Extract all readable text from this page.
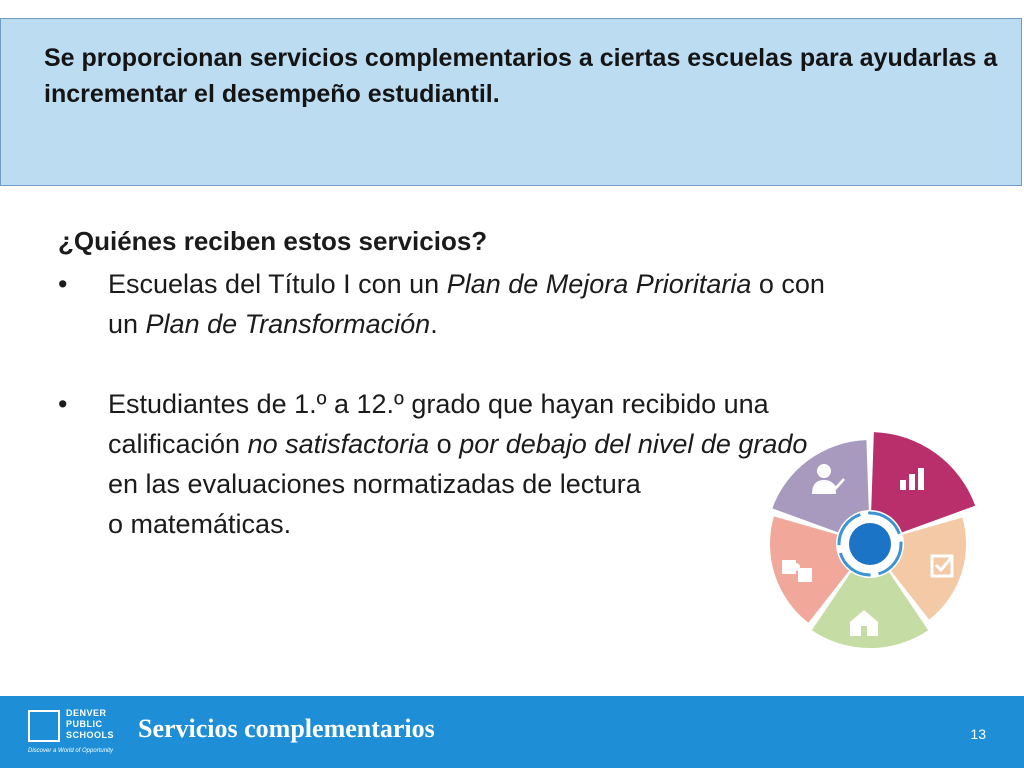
Se proporcionan servicios complementarios a ciertas escuelas para ayudarlas a incrementar el desempeño estudiantil.
¿Quiénes reciben estos servicios?
• Escuelas del Título I con un Plan de Mejora Prioritaria o con un Plan de Transformación.
• Estudiantes de 1.º a 12.º grado que hayan recibido una calificación no satisfactoria o por debajo del nivel de grado en las evaluaciones normatizadas de lectura
o matemáticas.
DENVER PUBLIC SCHOOLS
Discover a World of Opportunity
Servicios complementarios	13
